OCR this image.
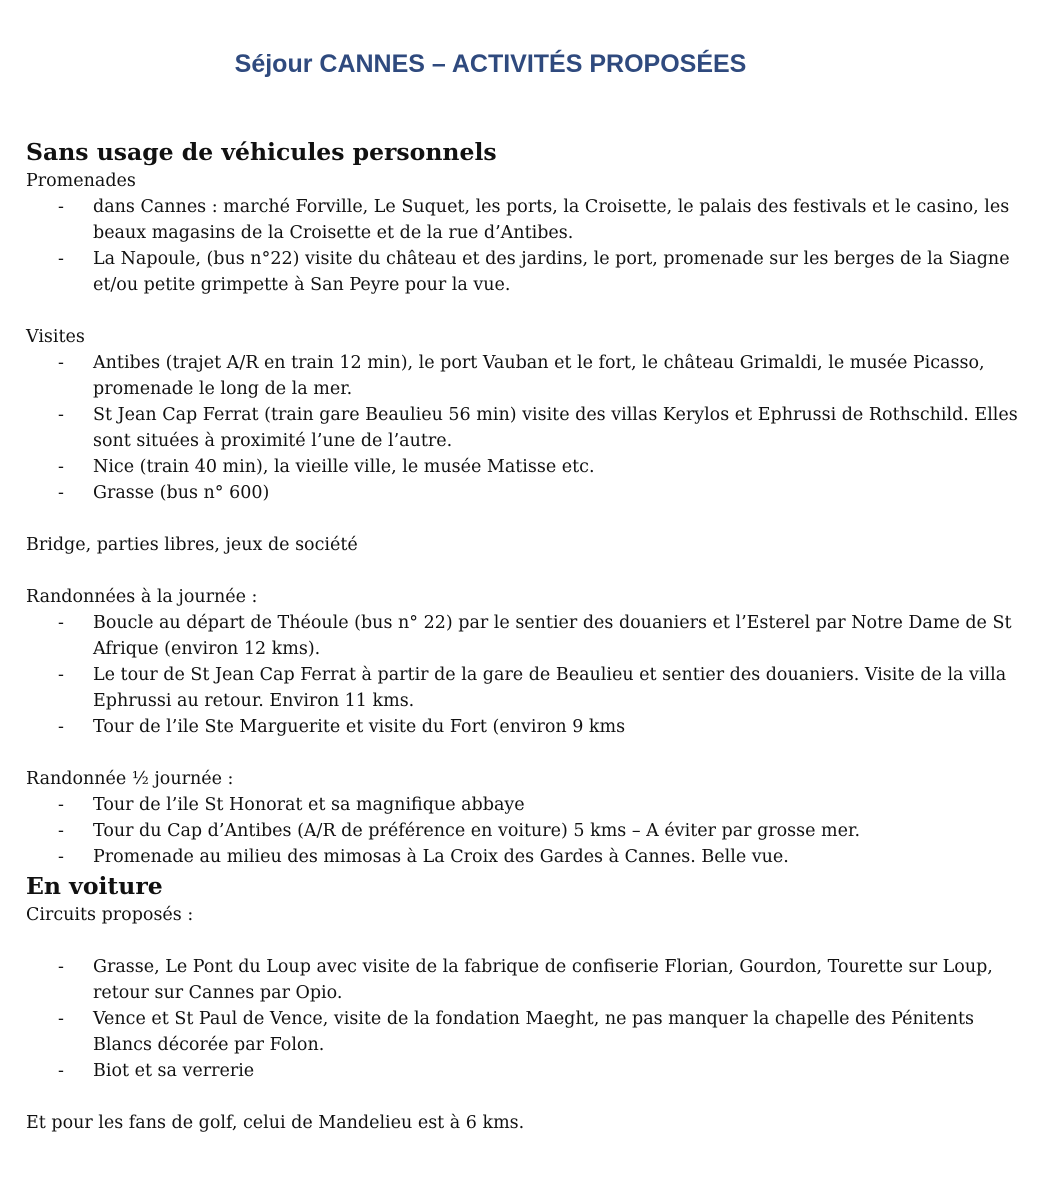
Séjour CANNES – ACTIVITÉS PROPOSÉES
Sans usage de véhicules personnels
Promenades
- dans Cannes : marché Forville, Le Suquet, les ports, la Croisette, le palais des festivals et le casino, les beaux magasins de la Croisette et de la rue d’Antibes.
- La Napoule, (bus n°22) visite du château et des jardins, le port, promenade sur les berges de la Siagne et/ou petite grimpette à San Peyre pour la vue.
Visites
- Antibes (trajet A/R en train 12 min), le port Vauban et le fort, le château Grimaldi, le musée Picasso, promenade le long de la mer.
- St Jean Cap Ferrat (train gare Beaulieu 56 min) visite des villas Kerylos et Ephrussi de Rothschild. Elles sont situées à proximité l’une de l’autre.
- Nice (train 40 min), la vieille ville, le musée Matisse etc.
- Grasse (bus n° 600)
Bridge, parties libres, jeux de société
Randonnées à la journée :
- Boucle au départ de Théoule (bus n° 22) par le sentier des douaniers et l’Esterel par Notre Dame de St Afrique (environ 12 kms).
- Le tour de St Jean Cap Ferrat à partir de la gare de Beaulieu et sentier des douaniers. Visite de la villa Ephrussi au retour. Environ 11 kms.
- Tour de l’ile Ste Marguerite et visite du Fort (environ 9 kms
Randonnée ½ journée :
- Tour de l’ile St Honorat et sa magnifique abbaye
- Tour du Cap d’Antibes (A/R de préférence en voiture) 5 kms – A éviter par grosse mer.
- Promenade au milieu des mimosas à La Croix des Gardes à Cannes. Belle vue.
En voiture
Circuits proposés :
- Grasse, Le Pont du Loup avec visite de la fabrique de confiserie Florian, Gourdon, Tourette sur Loup, retour sur Cannes par Opio.
- Vence et St Paul de Vence, visite de la fondation Maeght, ne pas manquer la chapelle des Pénitents Blancs décorée par Folon.
- Biot et sa verrerie
Et pour les fans de golf, celui de Mandelieu est à 6 kms.
